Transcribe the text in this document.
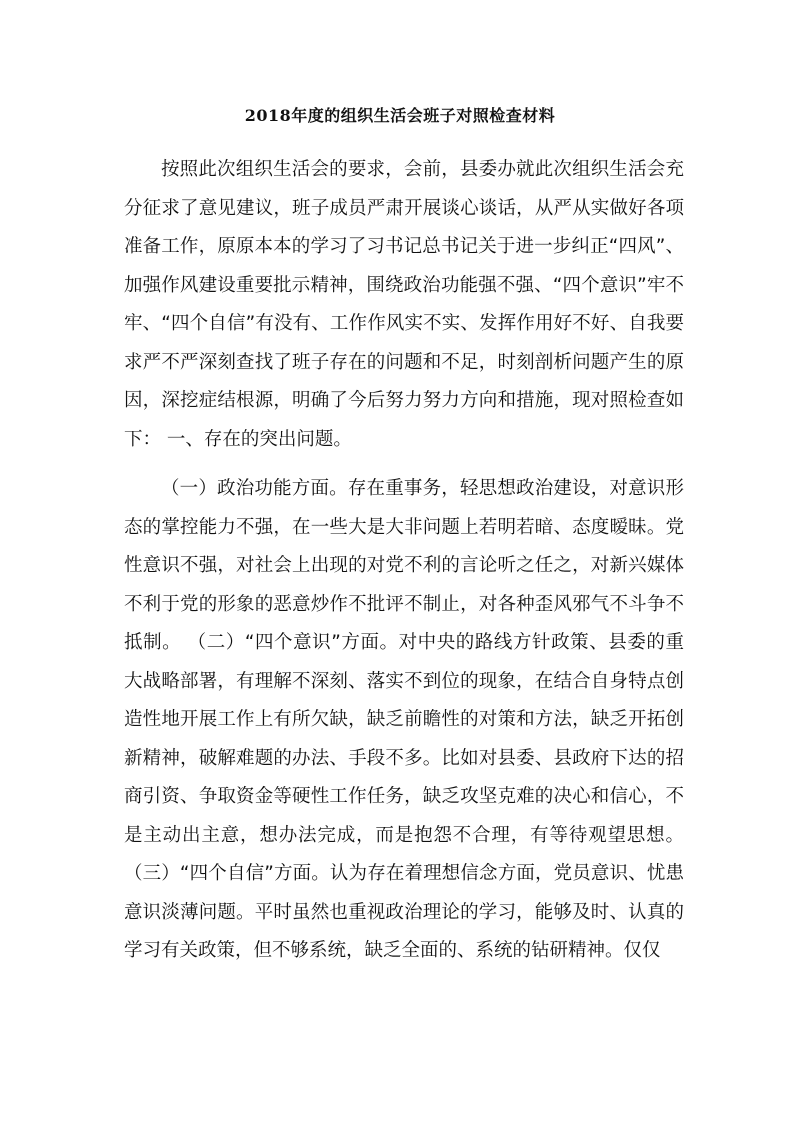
2018年度的组织生活会班子对照检查材料

按照此次组织生活会的要求，会前，县委办就此次组织生活会充分征求了意见建议，班子成员严肃开展谈心谈话，从严从实做好各项准备工作，原原本本的学习了习书记总书记关于进一步纠正“四风”、加强作风建设重要批示精神，围绕政治功能强不强、“四个意识”牢不牢、“四个自信”有没有、工作作风实不实、发挥作用好不好、自我要求严不严深刻查找了班子存在的问题和不足，时刻剖析问题产生的原因，深挖症结根源，明确了今后努力努力方向和措施，现对照检查如下： 一、存在的突出问题。

（一）政治功能方面。存在重事务，轻思想政治建设，对意识形态的掌控能力不强，在一些大是大非问题上若明若暗、态度暧昧。党性意识不强，对社会上出现的对党不利的言论听之任之，对新兴媒体不利于党的形象的恶意炒作不批评不制止，对各种歪风邪气不斗争不抵制。 （二）“四个意识”方面。对中央的路线方针政策、县委的重大战略部署，有理解不深刻、落实不到位的现象，在结合自身特点创造性地开展工作上有所欠缺，缺乏前瞻性的对策和方法，缺乏开拓创新精神，破解难题的办法、手段不多。比如对县委、县政府下达的招商引资、争取资金等硬性工作任务，缺乏攻坚克难的决心和信心，不是主动出主意，想办法完成，而是抱怨不合理，有等待观望思想。（三）“四个自信”方面。认为存在着理想信念方面，党员意识、忧患意识淡薄问题。平时虽然也重视政治理论的学习，能够及时、认真的学习有关政策，但不够系统，缺乏全面的、系统的钻研精神。仅仅
